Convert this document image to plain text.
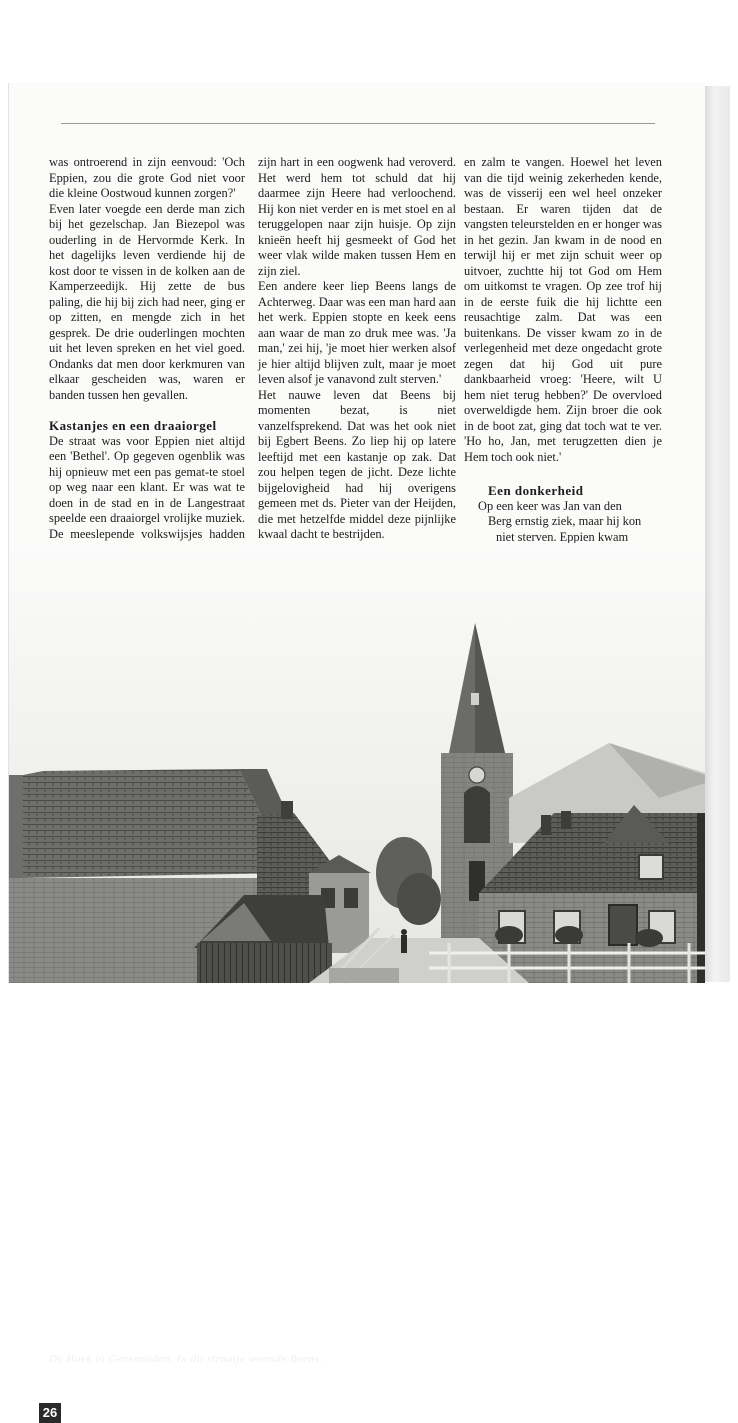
was ontroerend in zijn eenvoud: 'Och Eppien, zou die grote God niet voor die kleine Oostwoud kunnen zorgen?'

Even later voegde een derde man zich bij het gezelschap. Jan Biezepol was ouderling in de Hervormde Kerk. In het dagelijks leven verdiende hij de kost door te vissen in de kolken aan de Kamperzeedijk. Hij zette de bus paling, die hij bij zich had neer, ging er op zitten, en mengde zich in het gesprek. De drie ouderlingen mochten uit het leven spreken en het viel goed. Ondanks dat men door kerkmuren van elkaar gescheiden was, waren er banden tussen hen gevallen.

Kastanjes en een draaiorgel

De straat was voor Eppien niet altijd een 'Bethel'. Op gegeven ogenblik was hij opnieuw met een pas gemat-te stoel op weg naar een klant. Er was wat te doen in de stad en in de Langestraat speelde een draaiorgel vrolijke muziek. De meeslepende volkswijsjes hadden

zijn hart in een oogwenk had veroverd. Het werd hem tot schuld dat hij daarmee zijn Heere had verloochend. Hij kon niet verder en is met stoel en al teruggelopen naar zijn huisje. Op zijn knieën heeft hij gesmeekt of God het weer vlak wilde maken tussen Hem en zijn ziel.

Een andere keer liep Beens langs de Achterweg. Daar was een man hard aan het werk. Eppien stopte en keek eens aan waar de man zo druk mee was. 'Ja man,' zei hij, 'je moet hier werken alsof je hier altijd blijven zult, maar je moet leven alsof je vanavond zult sterven.'

Het nauwe leven dat Beens bij momenten bezat, is niet vanzelfsprekend. Dat was het ook niet bij Egbert Beens. Zo liep hij op latere leeftijd met een kastanje op zak. Dat zou helpen tegen de jicht. Deze lichte bijgelovigheid had hij overigens gemeen met ds. Pieter van der Heijden, die met hetzelfde middel deze pijnlijke kwaal dacht te bestrijden.

en zalm te vangen. Hoewel het leven van die tijd weinig zekerheden kende, was de visserij een wel heel onzeker bestaan. Er waren tijden dat de vangsten teleurstelden en er honger was in het gezin. Jan kwam in de nood en terwijl hij er met zijn schuit weer op uitvoer, zuchtte hij tot God om Hem om uitkomst te vragen. Op zee trof hij in de eerste fuik die hij lichtte een reusachtige zalm. Dat was een buitenkans. De visser kwam zo in de verlegenheid met deze ongedacht grote zegen dat hij God uit pure dankbaarheid vroeg: 'Heere, wilt U hem niet terug hebben?' De overvloed overweldigde hem. Zijn broer die ook in de boot zat, ging dat toch wat te ver. 'Ho ho, Jan, met terugzetten dien je Hem toch ook niet.'

Een donkerheid

Op een keer was Jan van den

Berg ernstig ziek, maar hij kon

niet sterven. Eppien kwam

De Hoek in Genemuiden. In dit straatje woonde Beens.
26
